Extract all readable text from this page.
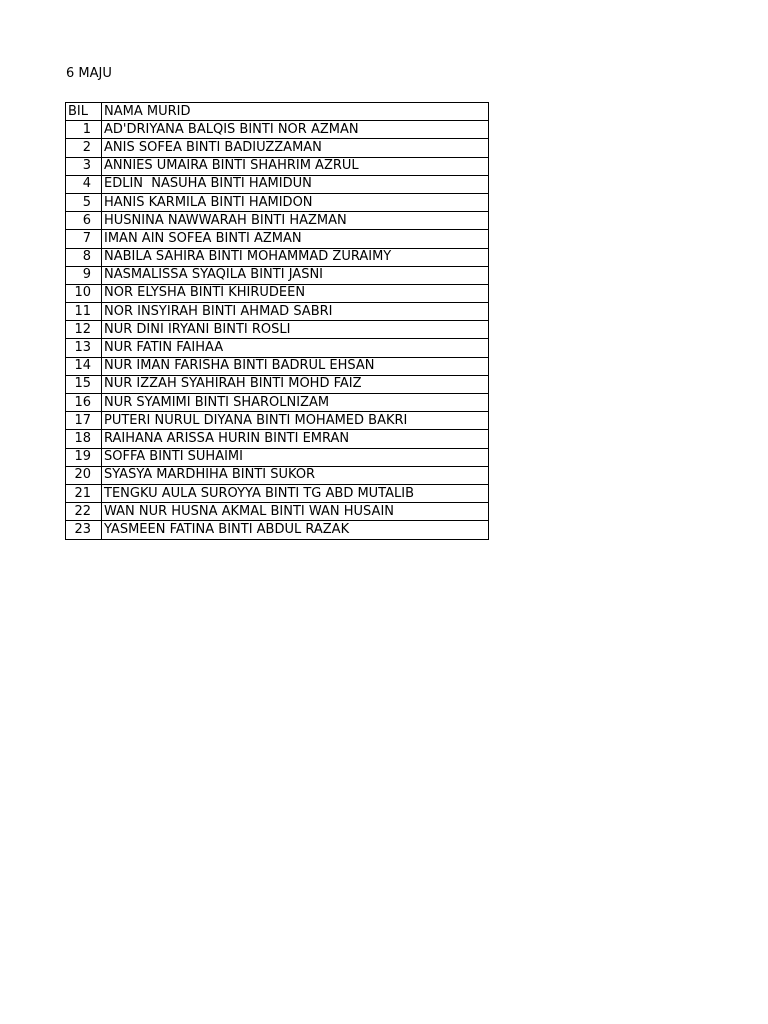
6 MAJU
BIL	NAMA MURID
1	AD'DRIYANA BALQIS BINTI NOR AZMAN
2	ANIS SOFEA BINTI BADIUZZAMAN
3	ANNIES UMAIRA BINTI SHAHRIM AZRUL
4	EDLIN  NASUHA BINTI HAMIDUN
5	HANIS KARMILA BINTI HAMIDON
6	HUSNINA NAWWARAH BINTI HAZMAN
7	IMAN AIN SOFEA BINTI AZMAN
8	NABILA SAHIRA BINTI MOHAMMAD ZURAIMY
9	NASMALISSA SYAQILA BINTI JASNI
10	NOR ELYSHA BINTI KHIRUDEEN
11	NOR INSYIRAH BINTI AHMAD SABRI
12	NUR DINI IRYANI BINTI ROSLI
13	NUR FATIN FAIHAA
14	NUR IMAN FARISHA BINTI BADRUL EHSAN
15	NUR IZZAH SYAHIRAH BINTI MOHD FAIZ
16	NUR SYAMIMI BINTI SHAROLNIZAM
17	PUTERI NURUL DIYANA BINTI MOHAMED BAKRI
18	RAIHANA ARISSA HURIN BINTI EMRAN
19	SOFFA BINTI SUHAIMI
20	SYASYA MARDHIHA BINTI SUKOR
21	TENGKU AULA SUROYYA BINTI TG ABD MUTALIB
22	WAN NUR HUSNA AKMAL BINTI WAN HUSAIN
23	YASMEEN FATINA BINTI ABDUL RAZAK
